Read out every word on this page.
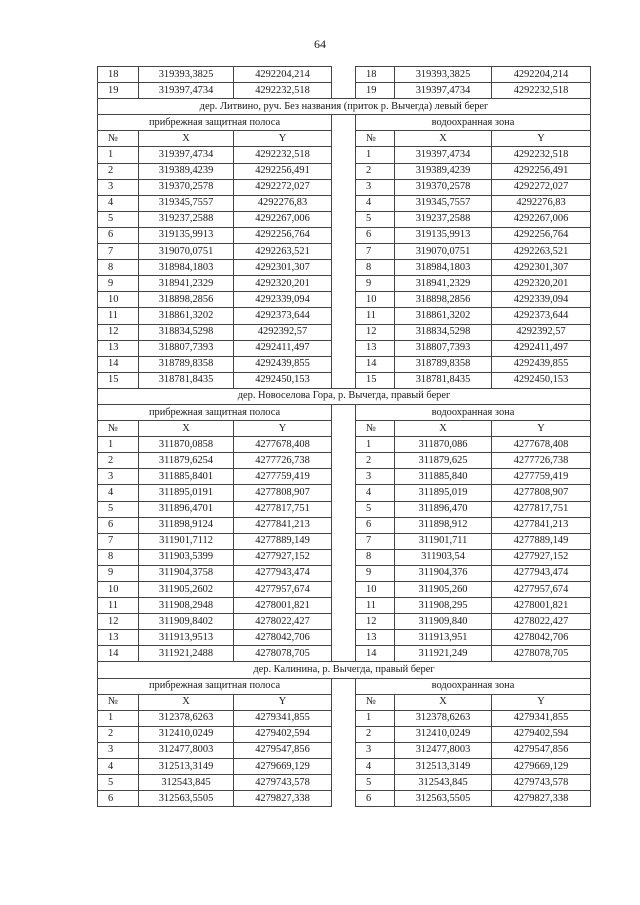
64
18	319393,3825	4292204,214		18	319393,3825	4292204,214
19	319397,4734	4292232,518		19	319397,4734	4292232,518
дер. Литвино, руч. Без названия (приток р. Вычегда) левый берег						
прибрежная защитная полоса				водоохранная зона		
№	X	Y		№	X	Y
1	319397,4734	4292232,518		1	319397,4734	4292232,518
2	319389,4239	4292256,491		2	319389,4239	4292256,491
3	319370,2578	4292272,027		3	319370,2578	4292272,027
4	319345,7557	4292276,83		4	319345,7557	4292276,83
5	319237,2588	4292267,006		5	319237,2588	4292267,006
6	319135,9913	4292256,764		6	319135,9913	4292256,764
7	319070,0751	4292263,521		7	319070,0751	4292263,521
8	318984,1803	4292301,307		8	318984,1803	4292301,307
9	318941,2329	4292320,201		9	318941,2329	4292320,201
10	318898,2856	4292339,094		10	318898,2856	4292339,094
11	318861,3202	4292373,644		11	318861,3202	4292373,644
12	318834,5298	4292392,57		12	318834,5298	4292392,57
13	318807,7393	4292411,497		13	318807,7393	4292411,497
14	318789,8358	4292439,855		14	318789,8358	4292439,855
15	318781,8435	4292450,153		15	318781,8435	4292450,153
дер. Новоселова Гора, р. Вычегда, правый берег						
прибрежная защитная полоса				водоохранная зона		
№	X	Y		№	X	Y
1	311870,0858	4277678,408		1	311870,086	4277678,408
2	311879,6254	4277726,738		2	311879,625	4277726,738
3	311885,8401	4277759,419		3	311885,840	4277759,419
4	311895,0191	4277808,907		4	311895,019	4277808,907
5	311896,4701	4277817,751		5	311896,470	4277817,751
6	311898,9124	4277841,213		6	311898,912	4277841,213
7	311901,7112	4277889,149		7	311901,711	4277889,149
8	311903,5399	4277927,152		8	311903,54	4277927,152
9	311904,3758	4277943,474		9	311904,376	4277943,474
10	311905,2602	4277957,674		10	311905,260	4277957,674
11	311908,2948	4278001,821		11	311908,295	4278001,821
12	311909,8402	4278022,427		12	311909,840	4278022,427
13	311913,9513	4278042,706		13	311913,951	4278042,706
14	311921,2488	4278078,705		14	311921,249	4278078,705
дер. Калинина, р. Вычегда, правый берег						
прибрежная защитная полоса				водоохранная зона		
№	X	Y		№	X	Y
1	312378,6263	4279341,855		1	312378,6263	4279341,855
2	312410,0249	4279402,594		2	312410,0249	4279402,594
3	312477,8003	4279547,856		3	312477,8003	4279547,856
4	312513,3149	4279669,129		4	312513,3149	4279669,129
5	312543,845	4279743,578		5	312543,845	4279743,578
6	312563,5505	4279827,338		6	312563,5505	4279827,338
